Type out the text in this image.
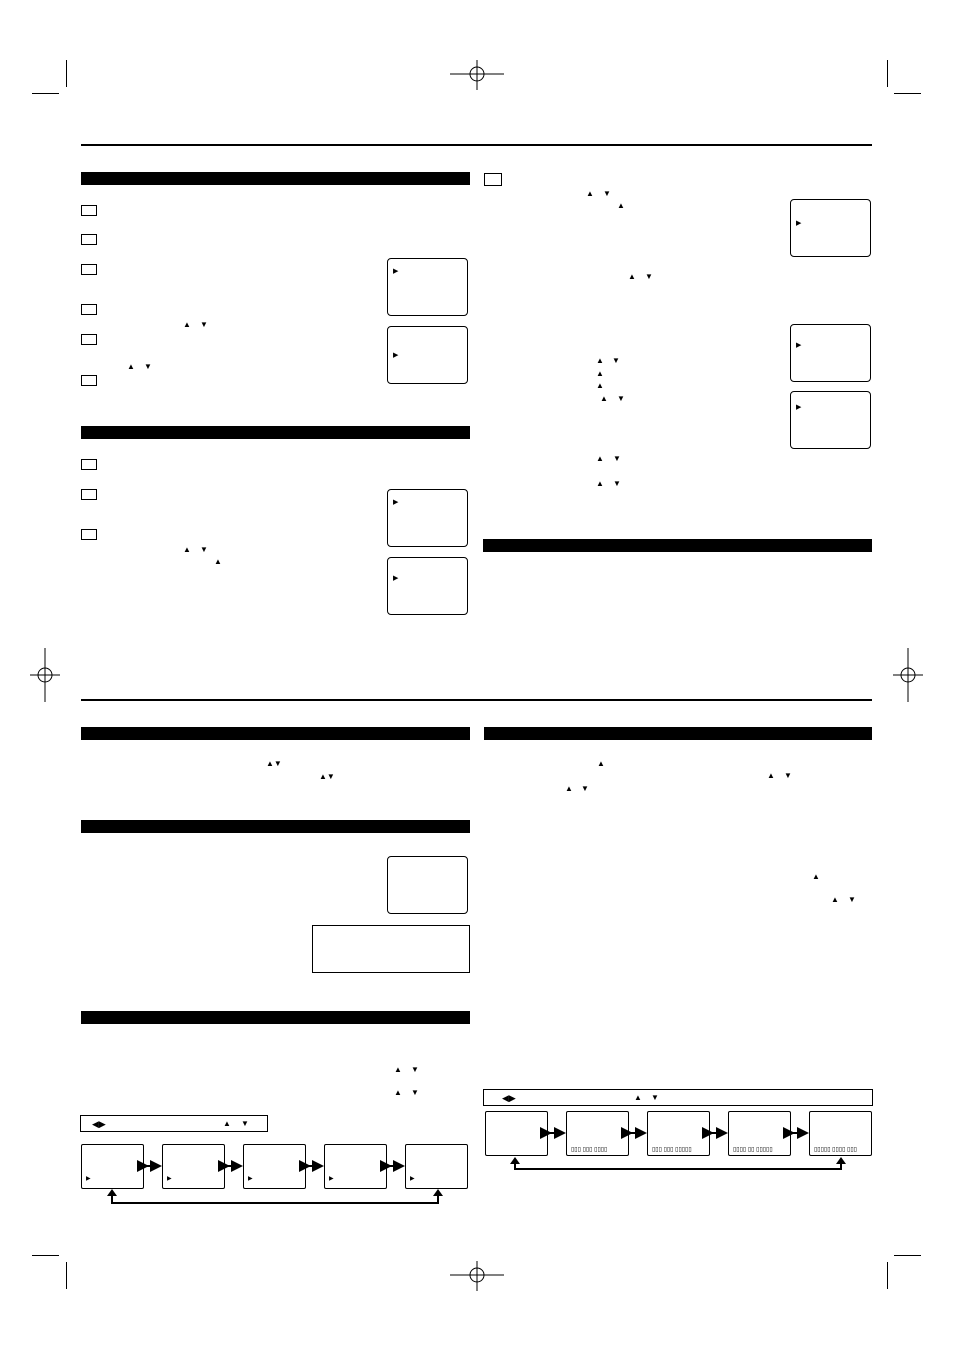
▲ ▼
▲ ▼
▶
▶
▲ ▼
▲
▶
▶
▲ ▼
▲
▲ ▼
▲ ▼
▲
▲
▲ ▼
▲ ▼
▲ ▼
▶
▶
▶
▲▼
▲▼
▲ ▼
▲ ▼
◀▶	▲ ▼
▶	▶	▶	▶	▶
▲
▲ ▼
▲ ▼
▲
▲ ▼
◀▶	▲ ▼
▯▯▯ ▯▯▯ ▯▯▯▯	▯▯▯ ▯▯▯ ▯▯▯▯▯	▯▯▯▯ ▯▯ ▯▯▯▯▯	▯▯▯▯▯ ▯▯▯▯ ▯▯▯
